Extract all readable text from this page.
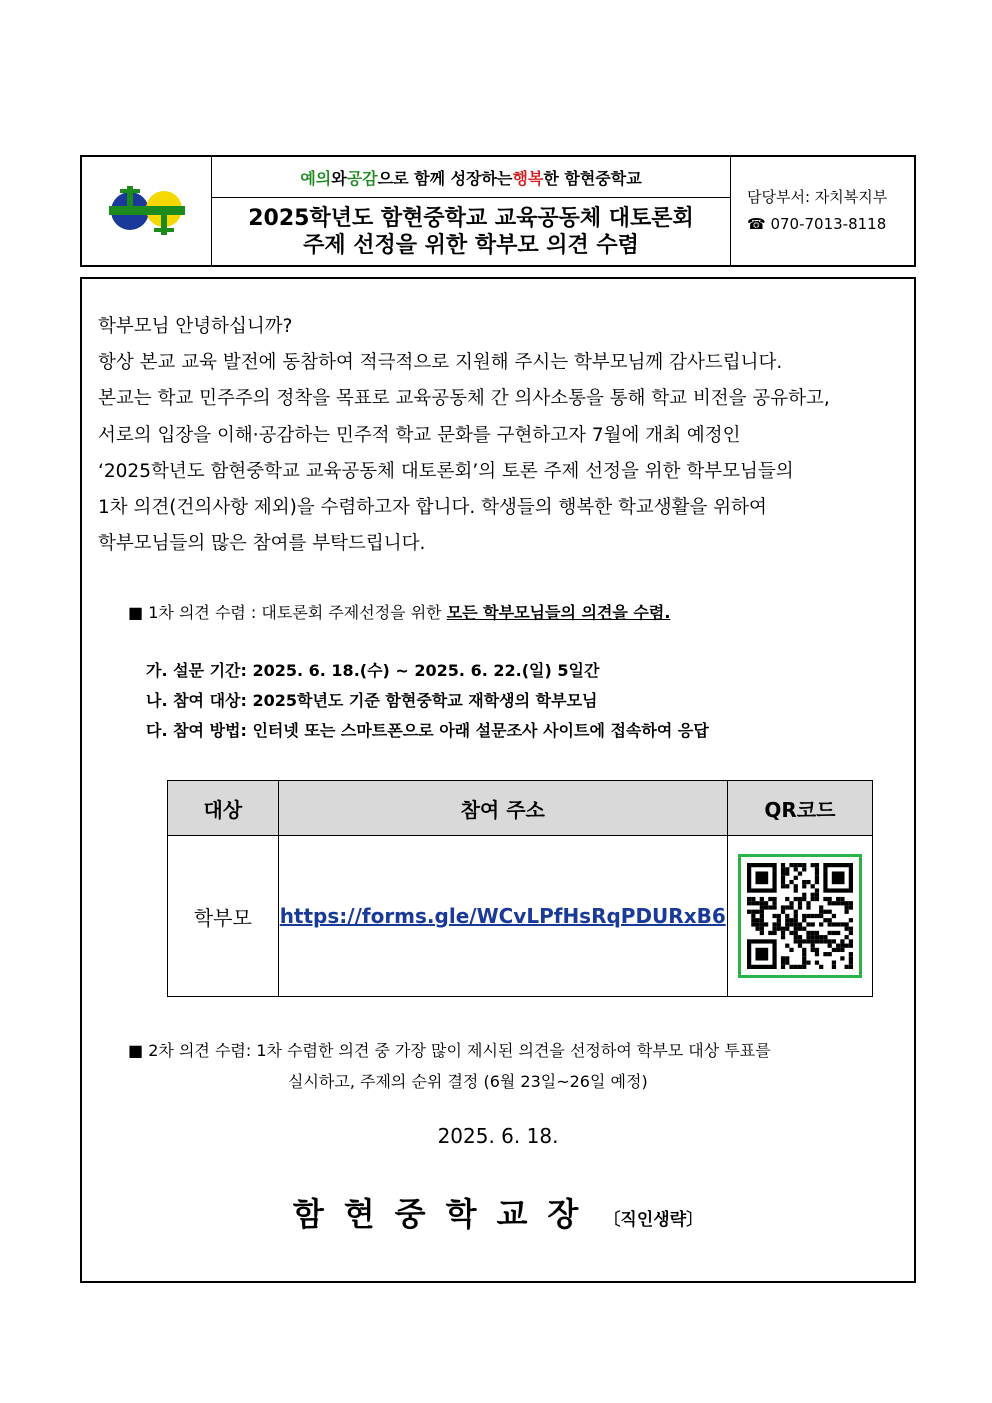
예의 와 공감 으로 함께 성장하는 행복 한 함현중학교
2025학년도 함현중학교 교육공동체 대토론회
주제 선정을 위한 학부모 의견 수렴
담당부서: 자치복지부
☎ 070-7013-8118

학부모님 안녕하십니까?

항상 본교 교육 발전에 동참하여 적극적으로 지원해 주시는 학부모님께 감사드립니다.

본교는 학교 민주주의 정착을 목표로 교육공동체 간 의사소통을 통해 학교 비전을 공유하고,

서로의 입장을 이해·공감하는 민주적 학교 문화를 구현하고자 7월에 개최 예정인

‘2025학년도 함현중학교 교육공동체 대토론회’의 토론 주제 선정을 위한 학부모님들의

1차 의견(건의사항 제외)을 수렴하고자 합니다. 학생들의 행복한 학교생활을 위하여

학부모님들의 많은 참여를 부탁드립니다.

■ 1차 의견 수렴 : 대토론회 주제선정을 위한 모든 학부모님들의 의견을 수렴.
가. 설문 기간: 2025. 6. 18.(수) ~ 2025. 6. 22.(일) 5일간
나. 참여 대상: 2025학년도 기준 함현중학교 재학생의 학부모님
다. 참여 방법: 인터넷 또는 스마트폰으로 아래 설문조사 사이트에 접속하여 응답
대상	참여 주소	QR코드
학부모	https://forms.gle/WCvLPfHsRqPDURxB6	
■ 2차 의견 수렴: 1차 수렴한 의견 중 가장 많이 제시된 의견을 선정하여 학부모 대상 투표를
실시하고, 주제의 순위 결정 (6월 23일~26일 예정)
2025. 6. 18.
함현중학교장 〔직인생략〕
